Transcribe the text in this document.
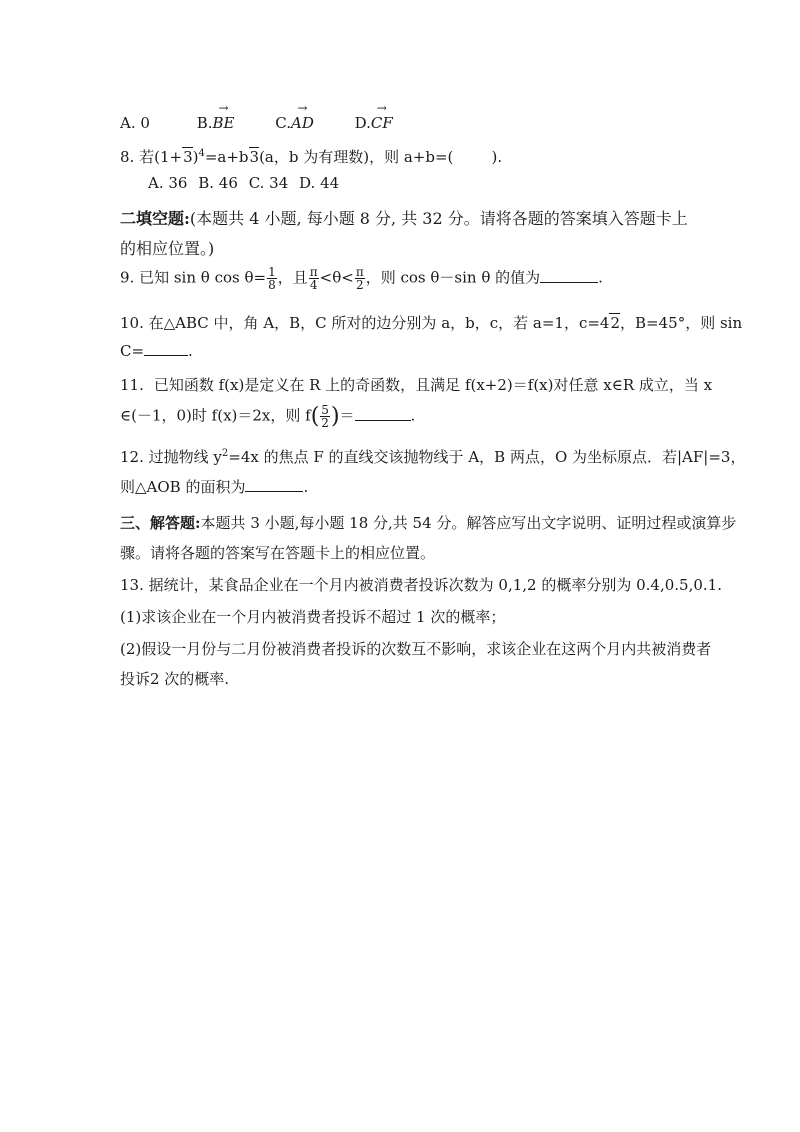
A. 0	B.→ BE	C.→ AD	D.→ CF
8. 若$(1+3)^4=a+b3(a$，b 为有理数)，则 a+b=(        ).
A. 36 B. 46 C. 34 D. 44
二填空题:(本题共 4 小题, 每小题 8 分, 共 32 分。请将各题的答案填入答题卡上
的相应位置。)
9. 已知 sin θ $\cos \theta= \frac{1}{8}$ ，且 $\frac{\pi}{4} <\theta< \frac{\pi}{2}$ ，则 cos θ－sin θ 的值为	.
10. 在△ABC 中，角 A，B，C 所对的边分别为 a，b，c，若 a=1，c=42，B=45°，则 sin
C=	.
11. 已知函数 f(x)是定义在 R 上的奇函数，且满足 f(x+2)＝f(x)对任意 x∈R 成立，当 x
∈(－1，0)时 f(x)＝2x，则 $f( \frac{5}{2}$ )＝	.
12. 过抛物线 $y^2=4x$ 的焦点 F 的直线交该抛物线于 A，B 两点，O 为坐标原点．若|AF|=3，
则△AOB 的面积为	.
三、解答题:本题共 3 小题,每小题 18 分,共 54 分。解答应写出文字说明、证明过程或演算步
骤。请将各题的答案写在答题卡上的相应位置。
13. 据统计，某食品企业在一个月内被消费者投诉次数为 0,1,2 的概率分别为 0.4,0.5,0.1.
(1)求该企业在一个月内被消费者投诉不超过 1 次的概率；
(2)假设一月份与二月份被消费者投诉的次数互不影响，求该企业在这两个月内共被消费者
投诉2 次的概率.
